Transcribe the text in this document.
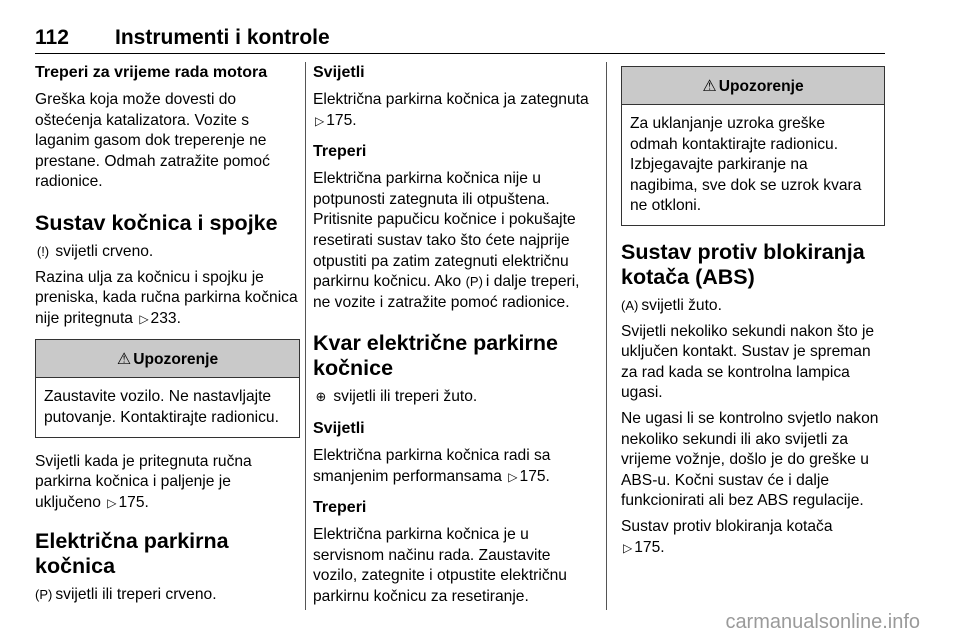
112 Instrumenti i kontrole
Treperi za vrijeme rada motora

Greška koja može dovesti do oštećenja katalizatora. Vozite s laganim gasom dok treperenje ne prestane. Odmah zatražite pomoć radionice.

Sustav kočnica i spojke

(!) svijetli crveno.

Razina ulja za kočnicu i spojku je preniska, kada ručna parkirna kočnica nije pritegnuta ▷ 233.

⚠ Upozorenje

Zaustavite vozilo. Ne nastavljajte putovanje. Kontaktirajte radionicu.

Svijetli kada je pritegnuta ručna parkirna kočnica i paljenje je uključeno ▷ 175.

Električna parkirna kočnica

(P) svijetli ili treperi crveno.

Svijetli

Električna parkirna kočnica ja zategnuta ▷ 175.

Treperi

Električna parkirna kočnica nije u potpunosti zategnuta ili otpuštena. Pritisnite papučicu kočnice i pokušajte resetirati sustav tako što ćete najprije otpustiti pa zatim zategnuti električnu parkirnu kočnicu. Ako (P) i dalje treperi, ne vozite i zatražite pomoć radionice.

Kvar električne parkirne kočnice

⊕ svijetli ili treperi žuto.

Svijetli

Električna parkirna kočnica radi sa smanjenim performansama ▷ 175.

Treperi

Električna parkirna kočnica je u servisnom načinu rada. Zaustavite vozilo, zategnite i otpustite električnu parkirnu kočnicu za resetiranje.

⚠ Upozorenje

Za uklanjanje uzroka greške odmah kontaktirajte radionicu. Izbjegavajte parkiranje na nagibima, sve dok se uzrok kvara ne otkloni.

Sustav protiv blokiranja kotača (ABS)

(A) svijetli žuto.

Svijetli nekoliko sekundi nakon što je uključen kontakt. Sustav je spreman za rad kada se kontrolna lampica ugasi.

Ne ugasi li se kontrolno svjetlo nakon nekoliko sekundi ili ako svijetli za vrijeme vožnje, došlo je do greške u ABS-u. Kočni sustav će i dalje funkcionirati ali bez ABS regulacije.

Sustav protiv blokiranja kotača
▷ 175.

carmanualsonline.info
